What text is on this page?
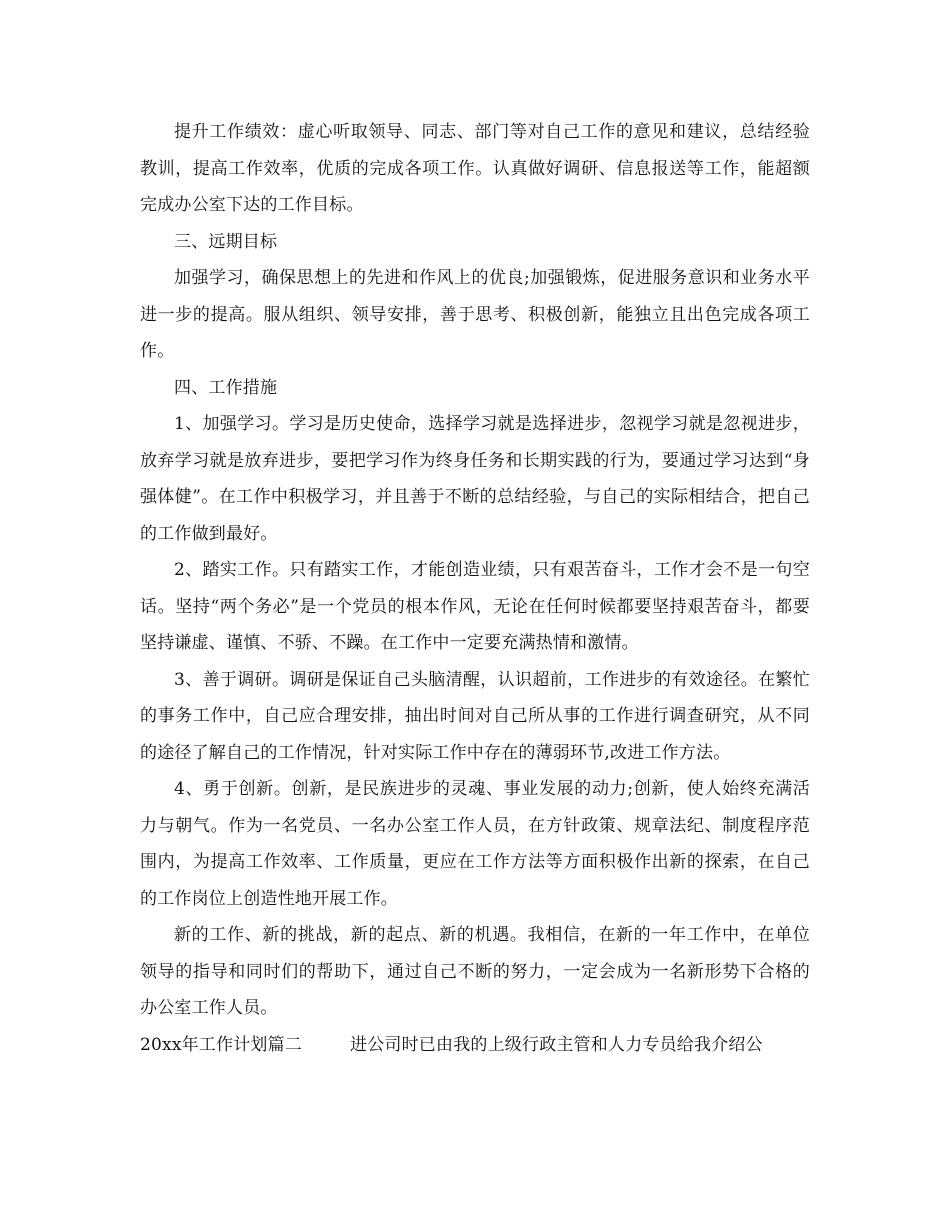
提升工作绩效：虚心听取领导、同志、部门等对自己工作的意见和建议，总结经验教训，提高工作效率，优质的完成各项工作。认真做好调研、信息报送等工作，能超额完成办公室下达的工作目标。

三、远期目标

加强学习，确保思想上的先进和作风上的优良;加强锻炼，促进服务意识和业务水平进一步的提高。服从组织、领导安排，善于思考、积极创新，能独立且出色完成各项工作。

四、工作措施

1、加强学习。学习是历史使命，选择学习就是选择进步，忽视学习就是忽视进步，放弃学习就是放弃进步，要把学习作为终身任务和长期实践的行为，要通过学习达到“身强体健”。在工作中积极学习，并且善于不断的总结经验，与自己的实际相结合，把自己的工作做到最好。

2、踏实工作。只有踏实工作，才能创造业绩，只有艰苦奋斗，工作才会不是一句空话。坚持“两个务必”是一个党员的根本作风，无论在任何时候都要坚持艰苦奋斗，都要坚持谦虚、谨慎、不骄、不躁。在工作中一定要充满热情和激情。

3、善于调研。调研是保证自己头脑清醒，认识超前，工作进步的有效途径。在繁忙的事务工作中，自己应合理安排，抽出时间对自己所从事的工作进行调查研究，从不同的途径了解自己的工作情况，针对实际工作中存在的薄弱环节,改进工作方法。

4、勇于创新。创新，是民族进步的灵魂、事业发展的动力;创新，使人始终充满活力与朝气。作为一名党员、一名办公室工作人员，在方针政策、规章法纪、制度程序范围内，为提高工作效率、工作质量，更应在工作方法等方面积极作出新的探索，在自己的工作岗位上创造性地开展工作。

新的工作、新的挑战，新的起点、新的机遇。我相信，在新的一年工作中，在单位领导的指导和同时们的帮助下，通过自己不断的努力，一定会成为一名新形势下合格的办公室工作人员。

20xx年工作计划篇二	进公司时已由我的上级行政主管和人力专员给我介绍公
